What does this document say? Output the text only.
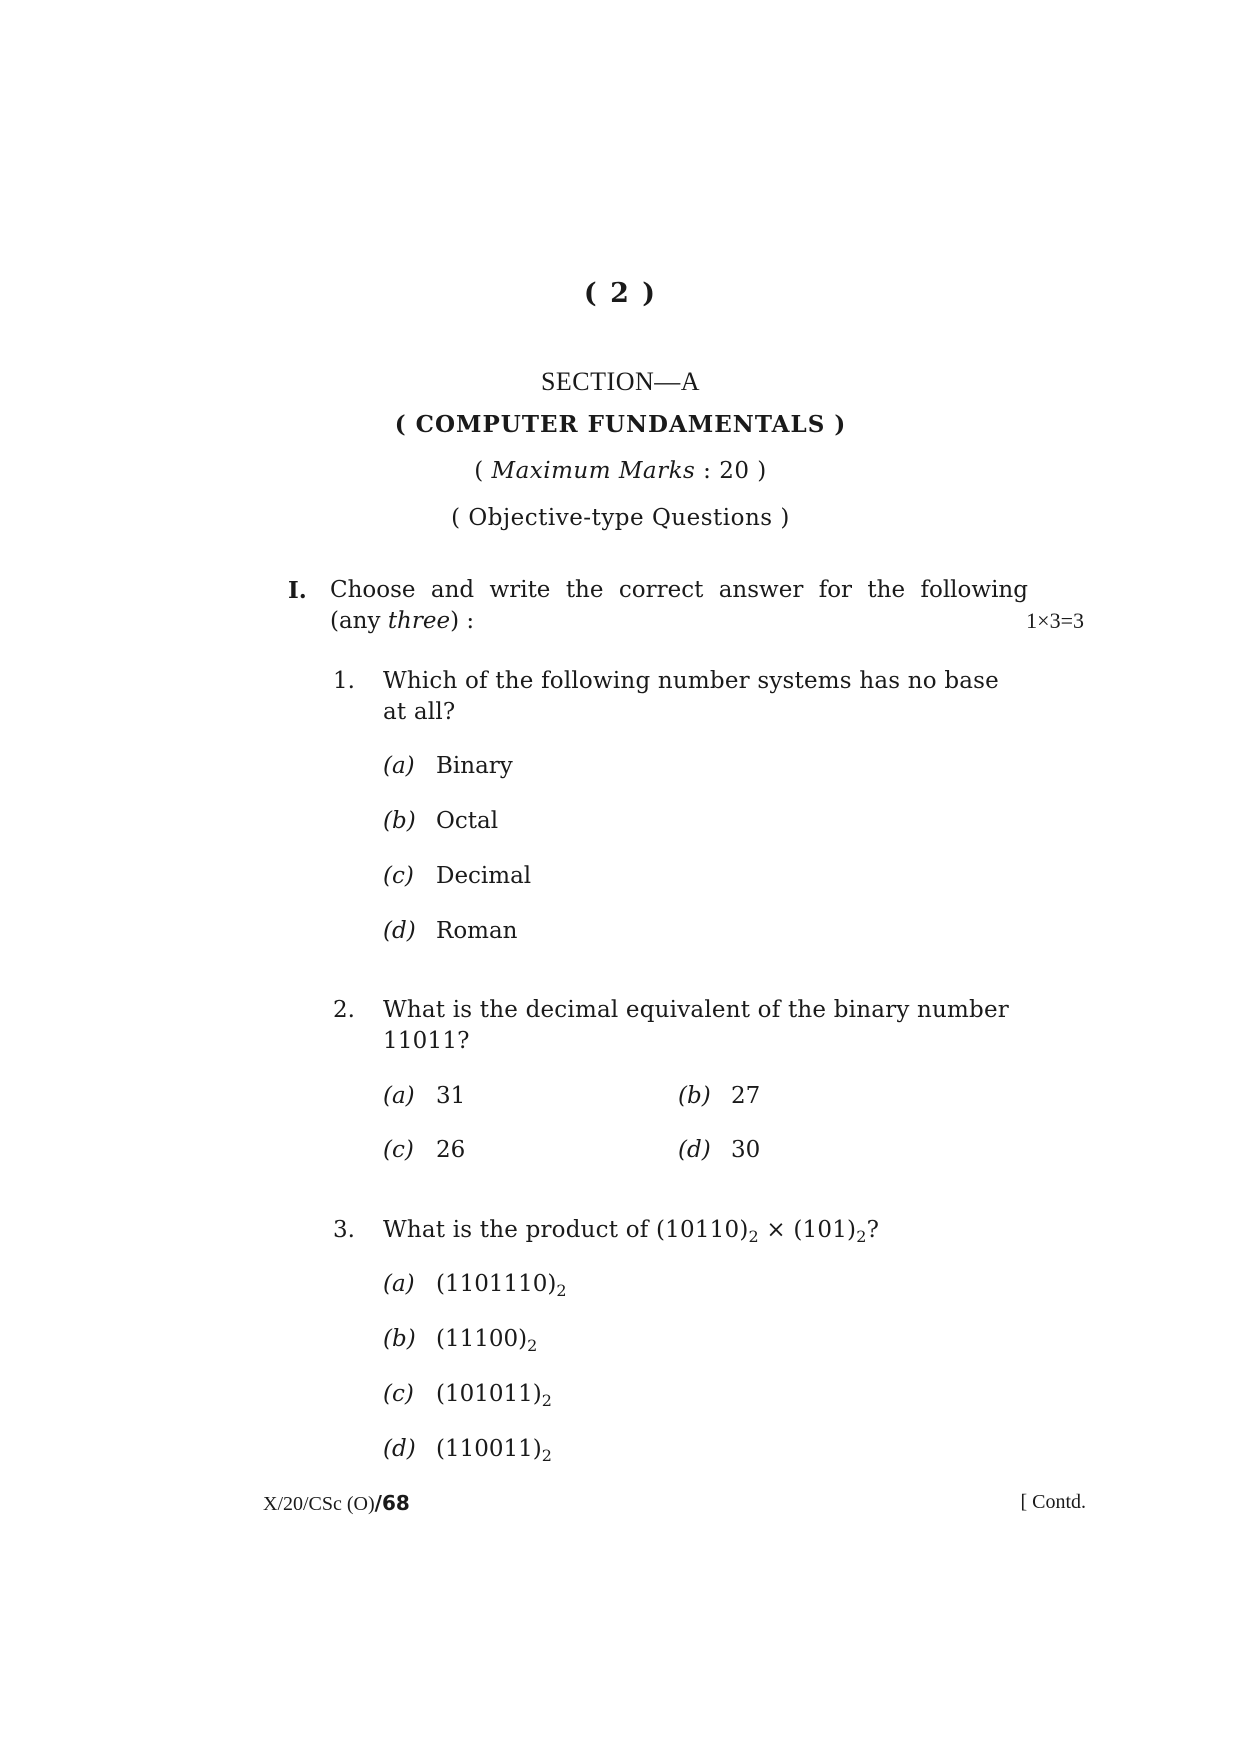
( 2 )
SECTION—A
( COMPUTER FUNDAMENTALS )
( Maximum Marks : 20 )
( Objective-type Questions )
I. Choose and write the correct answer for the following
(any three) :	1×3=3
1. Which of the following number systems has no base
at all?
(a) Binary
(b) Octal
(c) Decimal
(d) Roman
2. What is the decimal equivalent of the binary number
11011?
(a) 31	(b) 27
(c) 26	(d) 30
3. What is the product of $(10110)_2 \times (101)_2$?
(a) $(1101110)_2$
(b) $(11100)_2$
(c) $(101011)_2$
(d) $(110011)_2$
X/20/CSc (O)/68	[ Contd.
